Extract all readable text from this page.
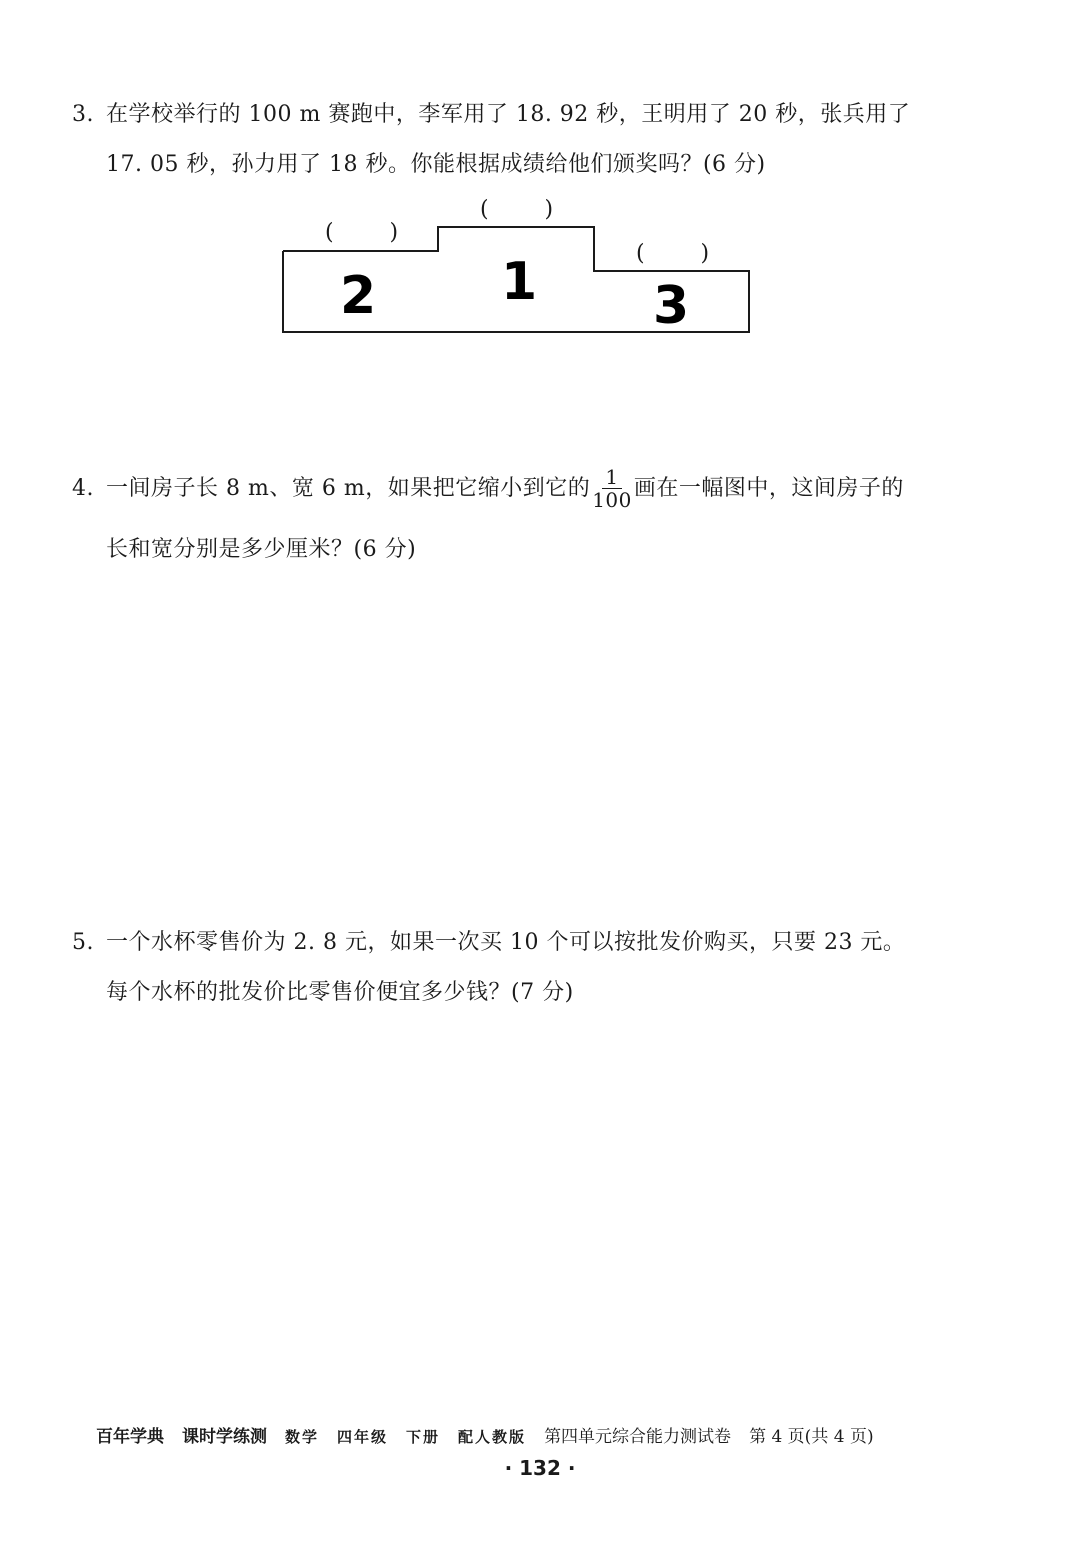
3. 在学校举行的 100 m 赛跑中，李军用了 18. 92 秒，王明用了 20 秒，张兵用了
17. 05 秒，孙力用了 18 秒。你能根据成绩给他们颁奖吗？(6 分)
2 1 3
(        )
(        )
(        )
4. 一间房子长 8 m、宽 6 m，如果把它缩小到它的 $\frac{1}{100}$ 画在一幅图中，这间房子的
长和宽分别是多少厘米？(6 分)
5. 一个水杯零售价为 2. 8 元，如果一次买 10 个可以按批发价购买，只要 23 元。
每个水杯的批发价比零售价便宜多少钱？(7 分)
百年学典 课时学练测 数学 四年级 下册 配人教版 第四单元综合能力测试卷 第 4 页(共 4 页)
· 132 ·
